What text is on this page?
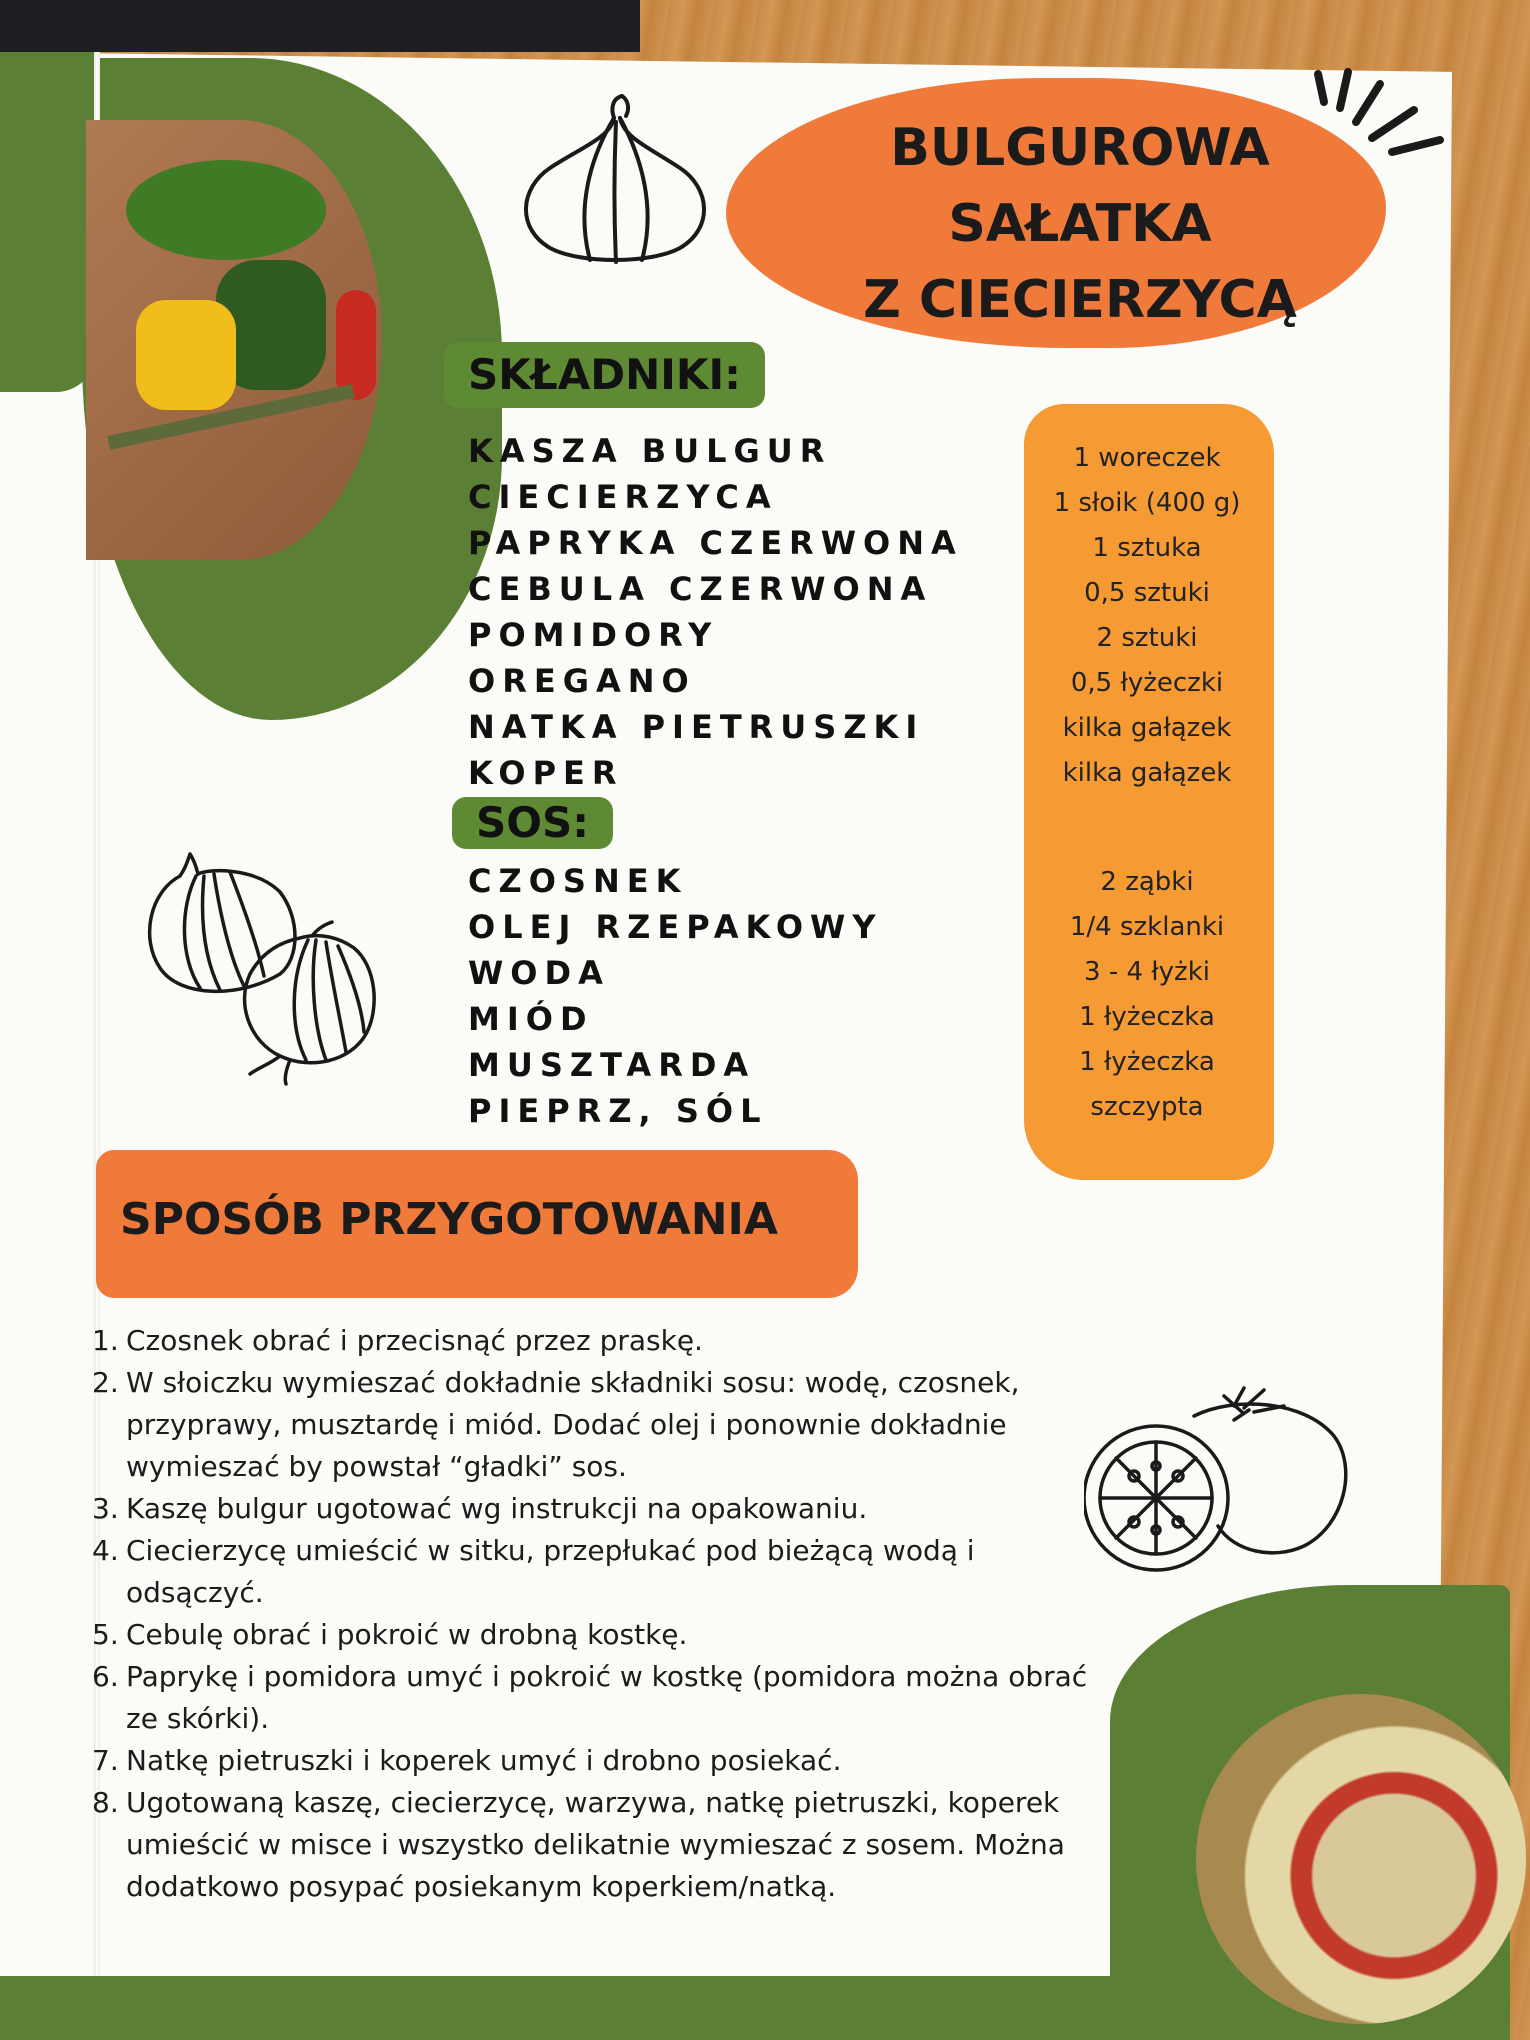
BULGUROWA
SAŁATKA
Z CIECIERZYCĄ
SKŁADNIKI:
KASZA BULGUR
CIECIERZYCA
PAPRYKA CZERWONA
CEBULA CZERWONA
POMIDORY
OREGANO
NATKA PIETRUSZKI
KOPER
1 woreczek
1 słoik (400 g)
1 sztuka
0,5 sztuki
2 sztuki
0,5 łyżeczki
kilka gałązek
kilka gałązek
SOS:
CZOSNEK
OLEJ RZEPAKOWY
WODA
MIÓD
MUSZTARDA
PIEPRZ, SÓL
2 ząbki
1/4 szklanki
3 - 4 łyżki
1 łyżeczka
1 łyżeczka
szczypta
SPOSÓB PRZYGOTOWANIA
1. Czosnek obrać i przecisnąć przez praskę.
2. W słoiczku wymieszać dokładnie składniki sosu: wodę, czosnek, przyprawy, musztardę i miód. Dodać olej i ponownie dokładnie wymieszać by powstał “gładki” sos.
3. Kaszę bulgur ugotować wg instrukcji na opakowaniu.
4. Ciecierzycę umieścić w sitku, przepłukać pod bieżącą wodą i odsączyć.
5. Cebulę obrać i pokroić w drobną kostkę.
6. Paprykę i pomidora umyć i pokroić w kostkę (pomidora można obrać ze skórki).
7. Natkę pietruszki i koperek umyć i drobno posiekać.
8. Ugotowaną kaszę, ciecierzycę, warzywa, natkę pietruszki, koperek umieścić w misce i wszystko delikatnie wymieszać z sosem. Można dodatkowo posypać posiekanym koperkiem/natką.
